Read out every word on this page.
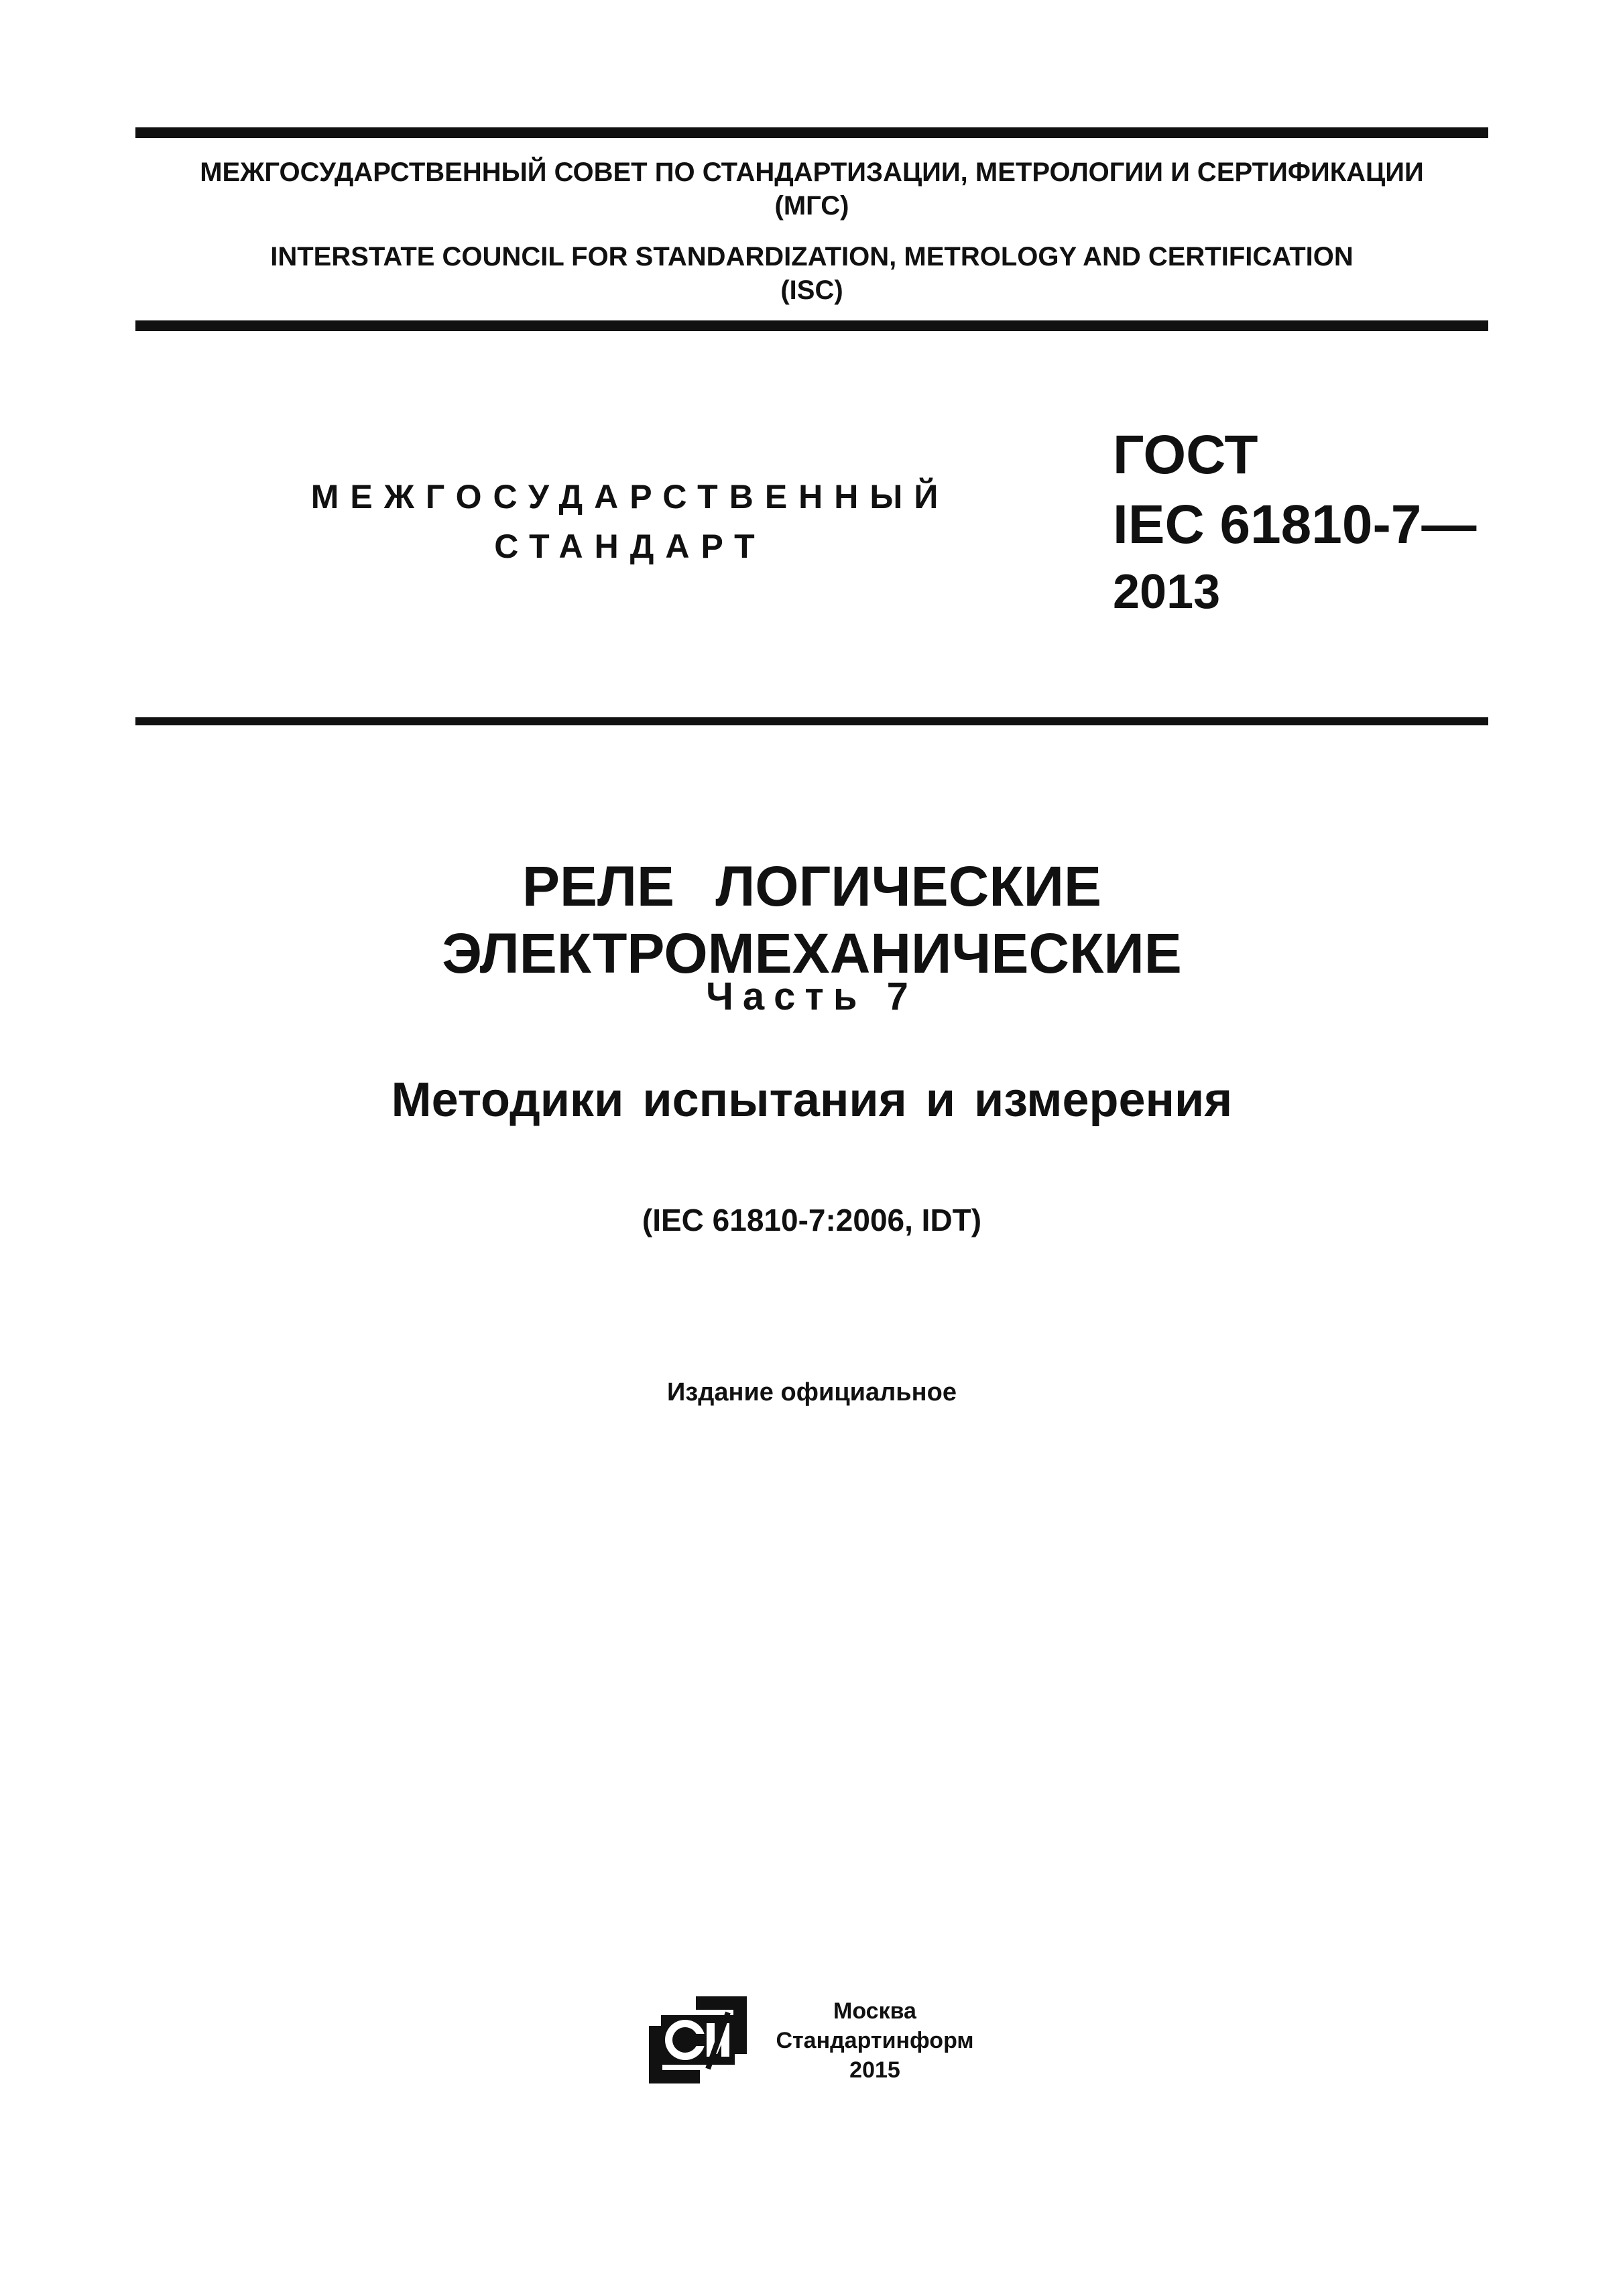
МЕЖГОСУДАРСТВЕННЫЙ СОВЕТ ПО СТАНДАРТИЗАЦИИ, МЕТРОЛОГИИ И СЕРТИФИКАЦИИ

(МГС)

INTERSTATE COUNCIL FOR STANDARDIZATION, METROLOGY AND CERTIFICATION

(ISC)

МЕЖГОСУДАРСТВЕННЫЙ

СТАНДАРТ

ГОСТ

IEC 61810-7—

2013

РЕЛЕ ЛОГИЧЕСКИЕ ЭЛЕКТРОМЕХАНИЧЕСКИЕ

Часть 7

Методики испытания и измерения

(IEC 61810-7:2006, IDT)

Издание официальное

Москва
Стандартинформ
2015
